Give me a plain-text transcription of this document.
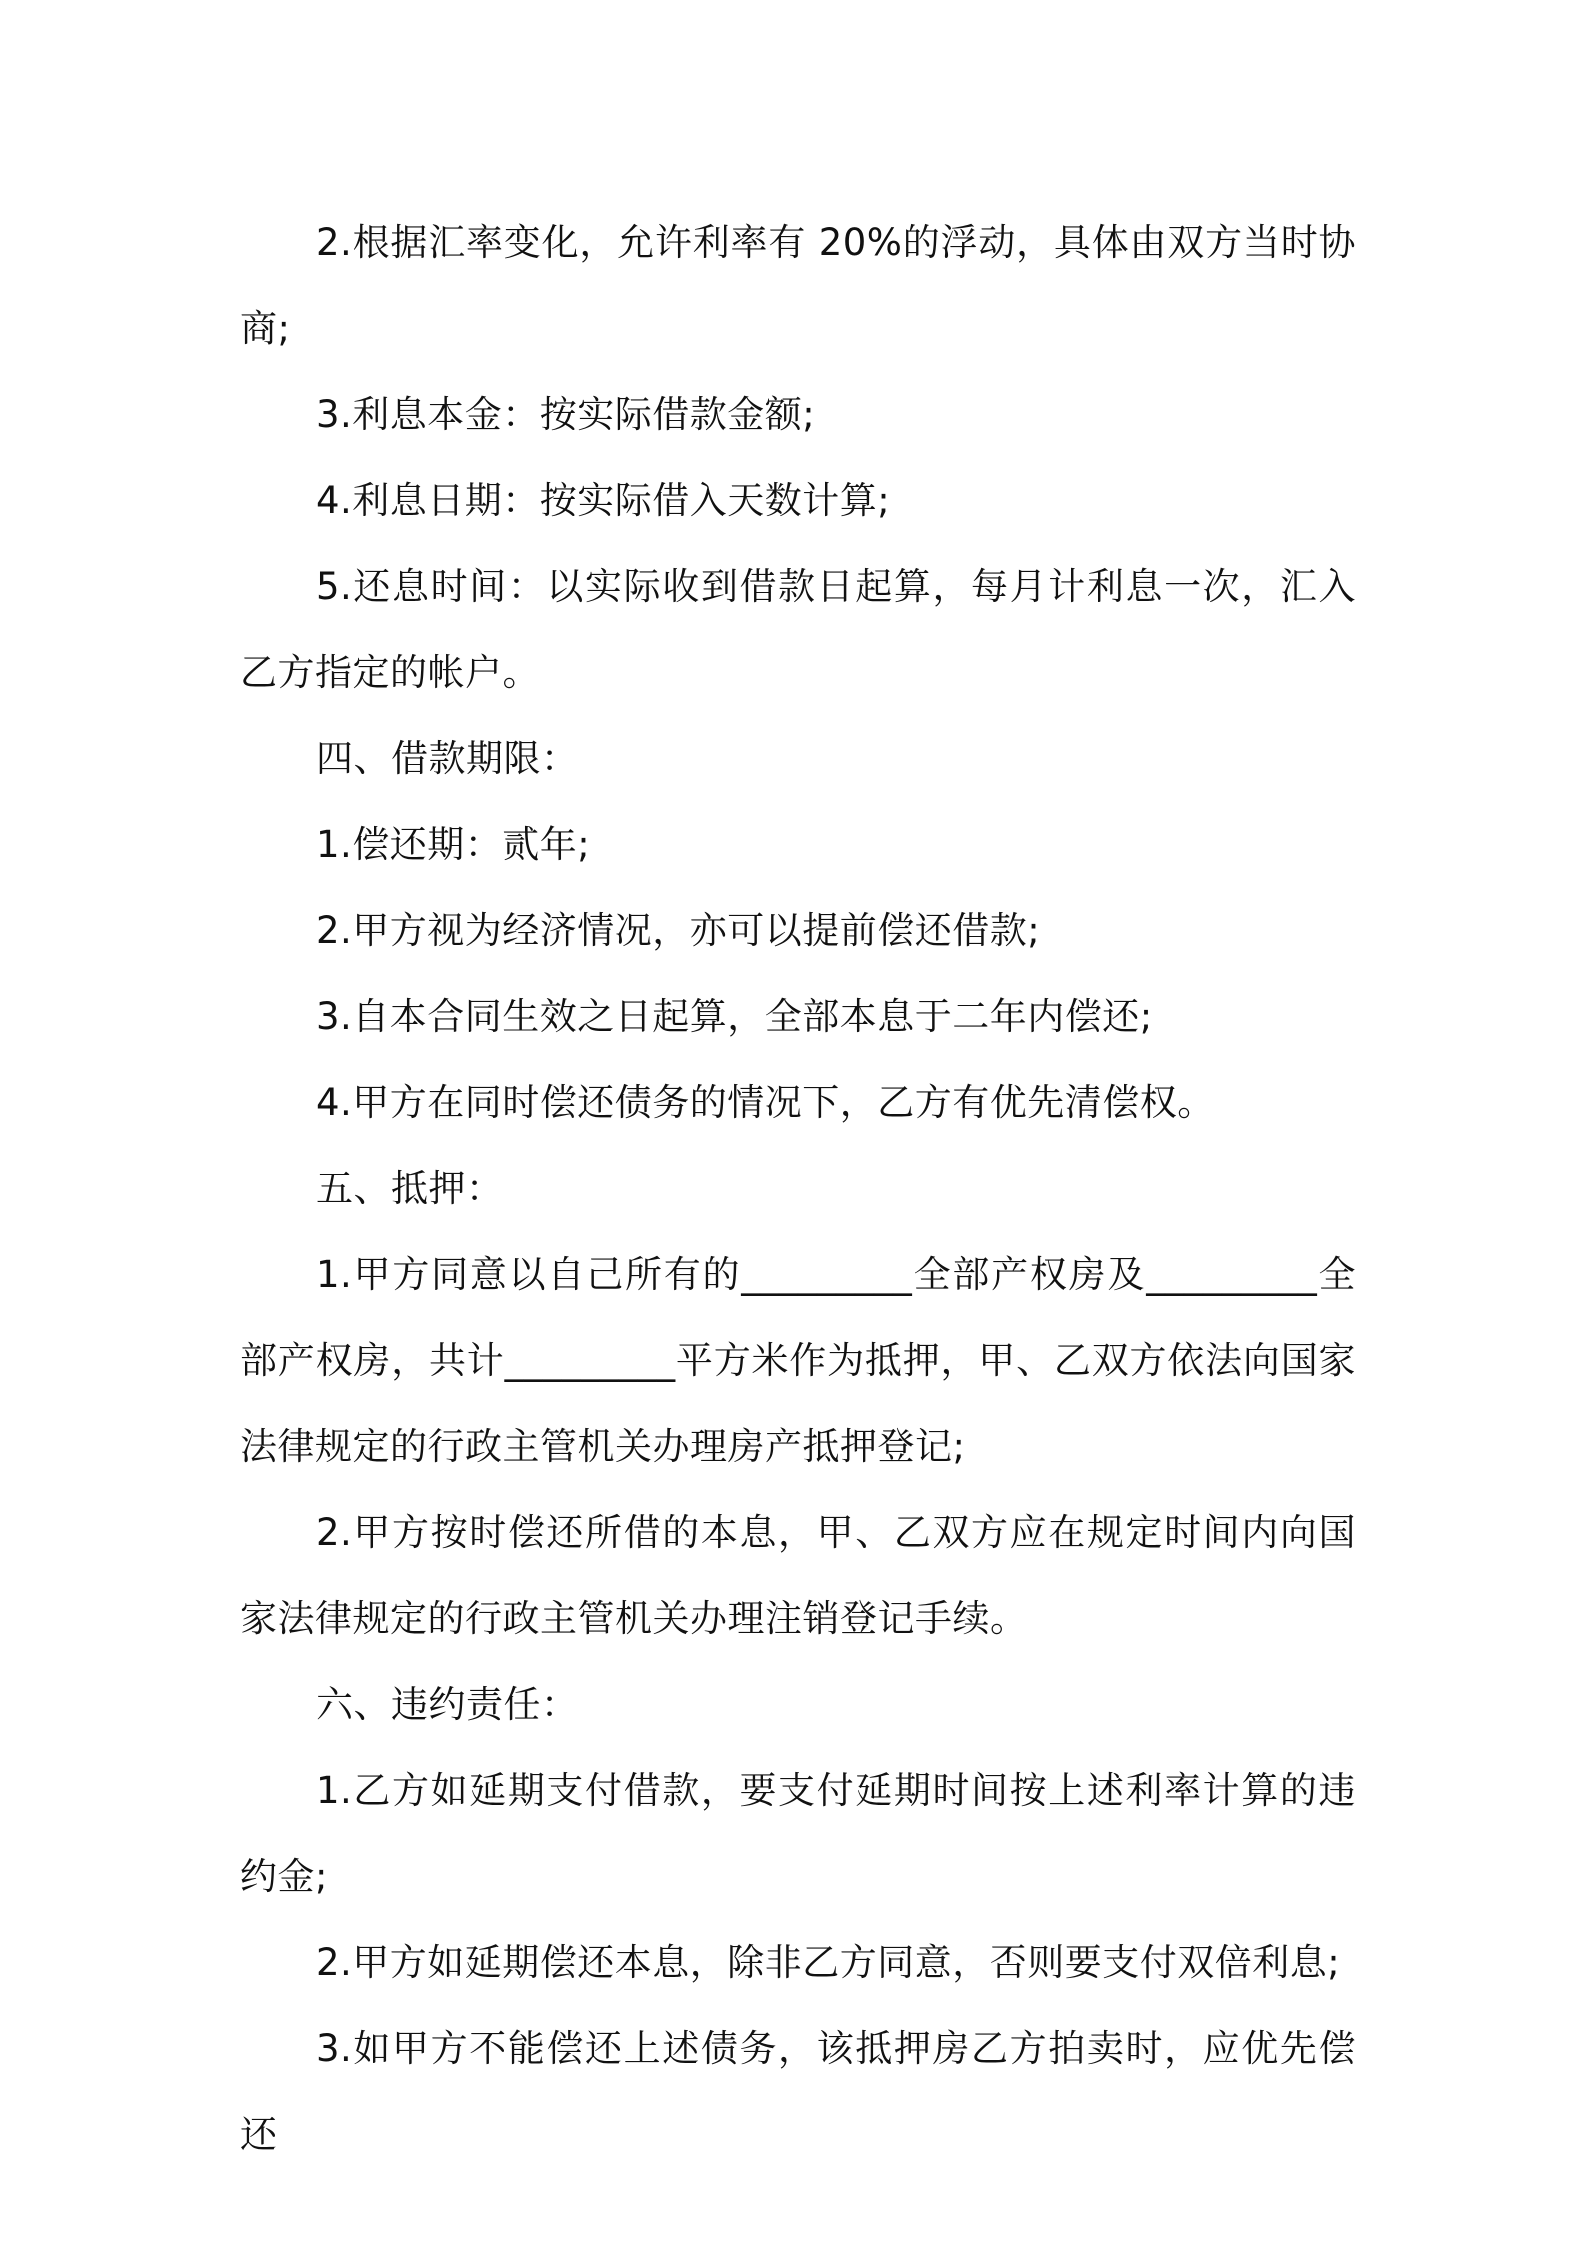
2.根据汇率变化，允许利率有 20%的浮动，具体由双方当时协商;

3.利息本金：按实际借款金额;

4.利息日期：按实际借入天数计算;

5.还息时间：以实际收到借款日起算，每月计利息一次，汇入乙方指定的帐户。

四、借款期限：

1.偿还期：贰年;

2.甲方视为经济情况，亦可以提前偿还借款;

3.自本合同生效之日起算，全部本息于二年内偿还;

4.甲方在同时偿还债务的情况下，乙方有优先清偿权。

五、抵押：

1.甲方同意以自己所有的_________全部产权房及_________全部产权房，共计_________平方米作为抵押，甲、乙双方依法向国家法律规定的行政主管机关办理房产抵押登记;

2.甲方按时偿还所借的本息，甲、乙双方应在规定时间内向国家法律规定的行政主管机关办理注销登记手续。

六、违约责任：

1.乙方如延期支付借款，要支付延期时间按上述利率计算的违约金;

2.甲方如延期偿还本息，除非乙方同意，否则要支付双倍利息;

3.如甲方不能偿还上述债务，该抵押房乙方拍卖时，应优先偿还
